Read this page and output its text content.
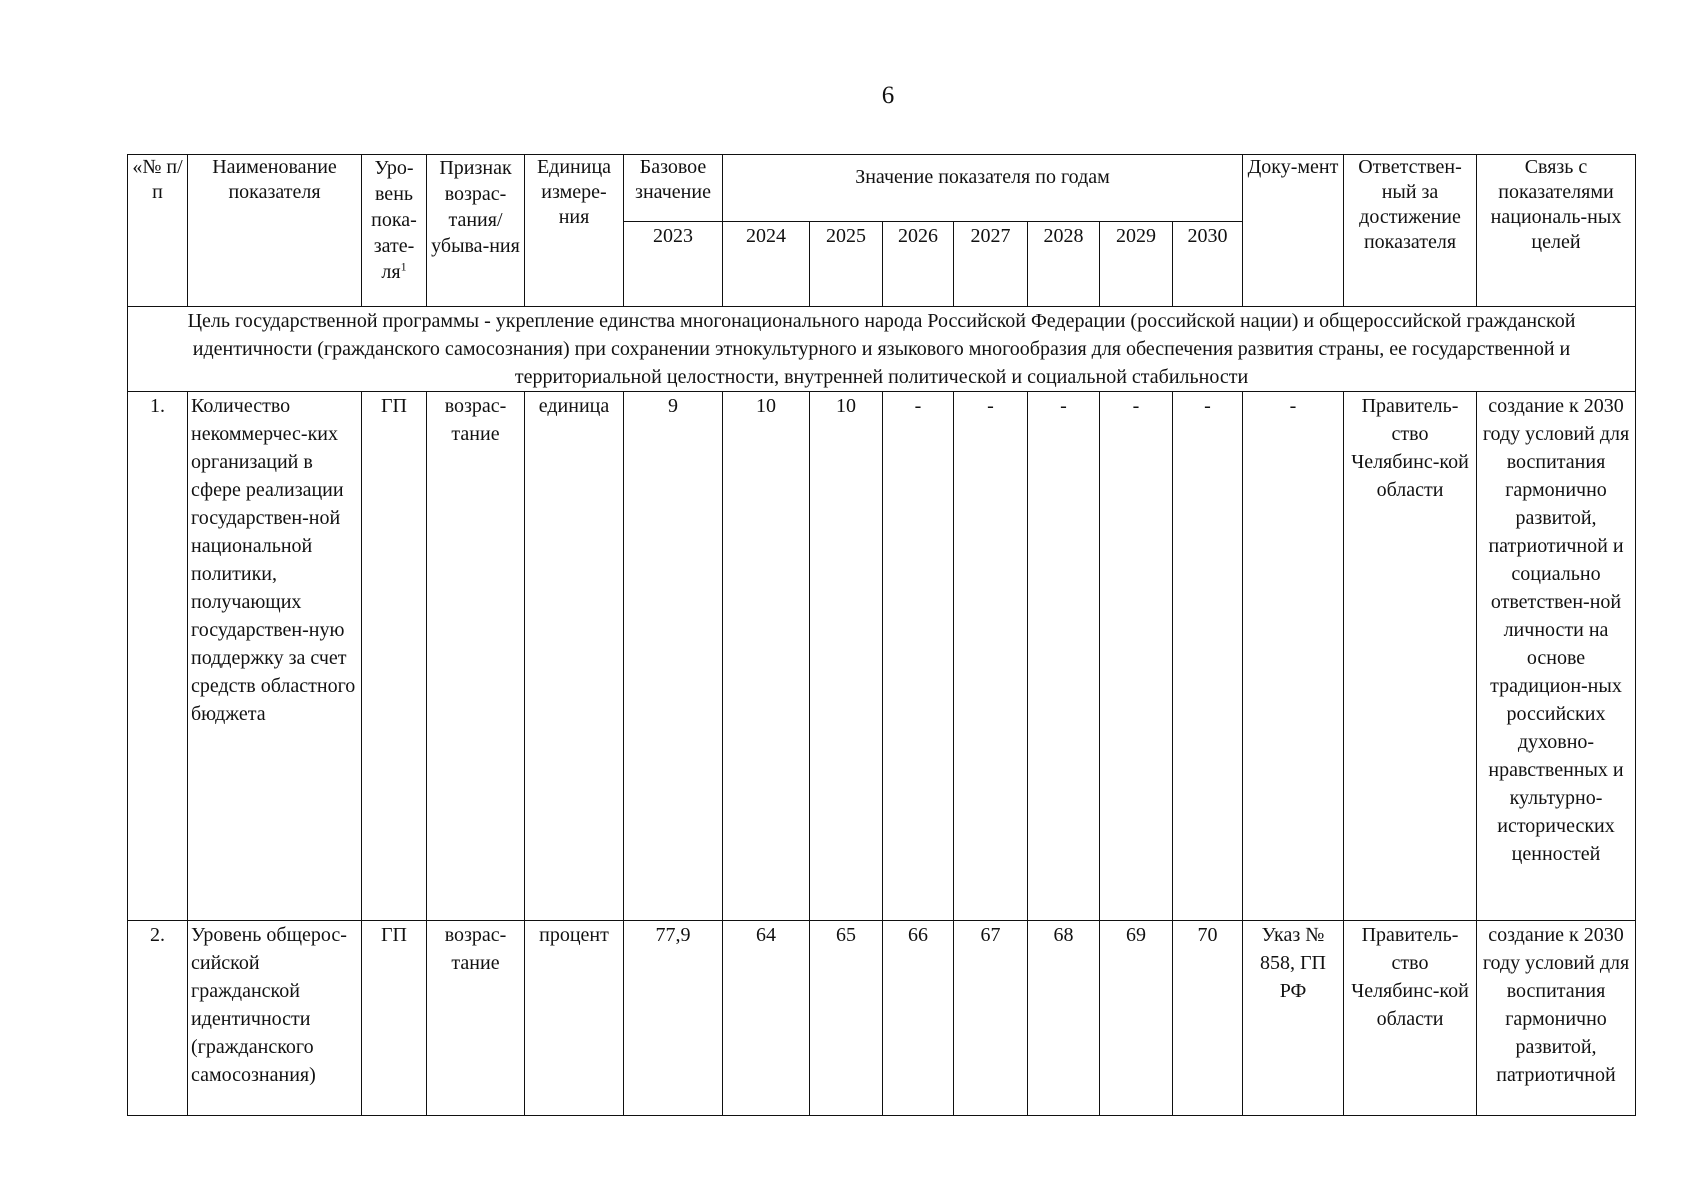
6
«№ п/п	Наименование показателя	Уро-вень пока-$зате-ля^1$	Признак возрас-тания/ убыва-ния	Единица измере-ния	Базовое значение	Значение показателя по годам							Доку-мент	Ответствен-ный за достижение показателя	Связь с показателями националь-ных целей
					2023	2024	2025	2026	2027	2028	2029	2030			
Цель государственной программы - укрепление единства многонационального народа Российской Федерации (российской нации) и общероссийской гражданской идентичности (гражданского самосознания) при сохранении этнокультурного и языкового многообразия для обеспечения развития страны, ее государственной и территориальной целостности, внутренней политической и социальной стабильности															
1.	Количество некоммерчес-ких организаций в сфере реализации государствен-ной национальной политики, получающих государствен-ную поддержку за счет средств областного бюджета	ГП	возрас-тание	единица	9	10	10	-	-	-	-	-	-	Правитель-ство Челябинс-кой области	создание к 2030 году условий для воспитания гармонично развитой, патриотичной и социально ответствен-ной личности на основе традицион-ных российских духовно-нравственных и культурно-исторических ценностей
2.	Уровень общерос-сийской гражданской идентичности (гражданского самосознания)	ГП	возрас-тание	процент	77,9	64	65	66	67	68	69	70	Указ № 858, ГП РФ	Правитель-ство Челябинс-кой области	создание к 2030 году условий для воспитания гармонично развитой, патриотичной
